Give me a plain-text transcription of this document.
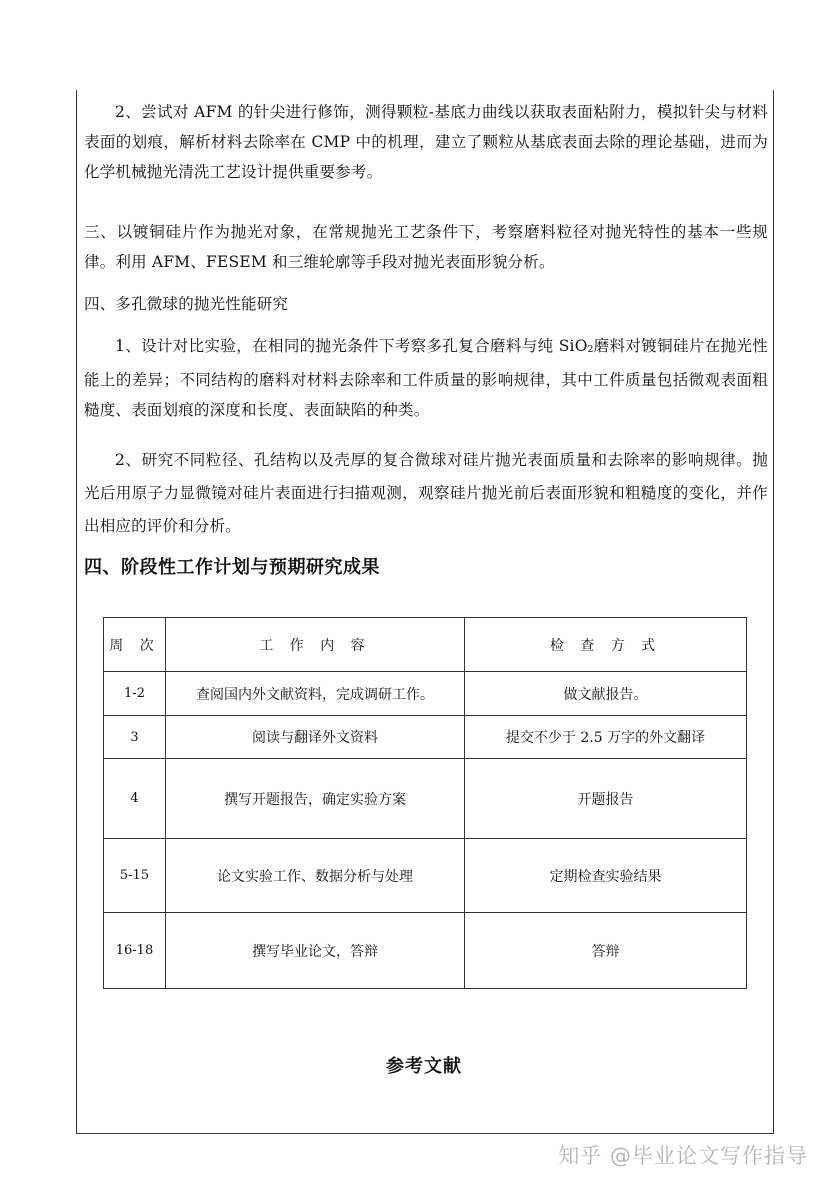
2、尝试对 AFM 的针尖进行修饰，测得颗粒-基底力曲线以获取表面粘附力，模拟针尖与材料表面的划痕，解析材料去除率在 CMP 中的机理，建立了颗粒从基底表面去除的理论基础，进而为化学机械抛光清洗工艺设计提供重要参考。
三、以镀铜硅片作为抛光对象，在常规抛光工艺条件下，考察磨料粒径对抛光特性的基本一些规律。利用 AFM、FESEM 和三维轮廓等手段对抛光表面形貌分析。
四、多孔微球的抛光性能研究
1、设计对比实验，在相同的抛光条件下考察多孔复合磨料与纯 SiO2磨料对镀铜硅片在抛光性能上的差异；不同结构的磨料对材料去除率和工件质量的影响规律，其中工件质量包括微观表面粗糙度、表面划痕的深度和长度、表面缺陷的种类。
2、研究不同粒径、孔结构以及壳厚的复合微球对硅片抛光表面质量和去除率的影响规律。抛光后用原子力显微镜对硅片表面进行扫描观测，观察硅片抛光前后表面形貌和粗糙度的变化，并作出相应的评价和分析。
四、阶段性工作计划与预期研究成果
周 次	工 作 内 容	检 查 方 式
1-2	查阅国内外文献资料，完成调研工作。	做文献报告。
3	阅读与翻译外文资料	提交不少于 2.5 万字的外文翻译
4	撰写开题报告，确定实验方案	开题报告
5-15	论文实验工作、数据分析与处理	定期检查实验结果
16-18	撰写毕业论文，答辩	答辩
参考文献
知乎 @毕业论文写作指导
